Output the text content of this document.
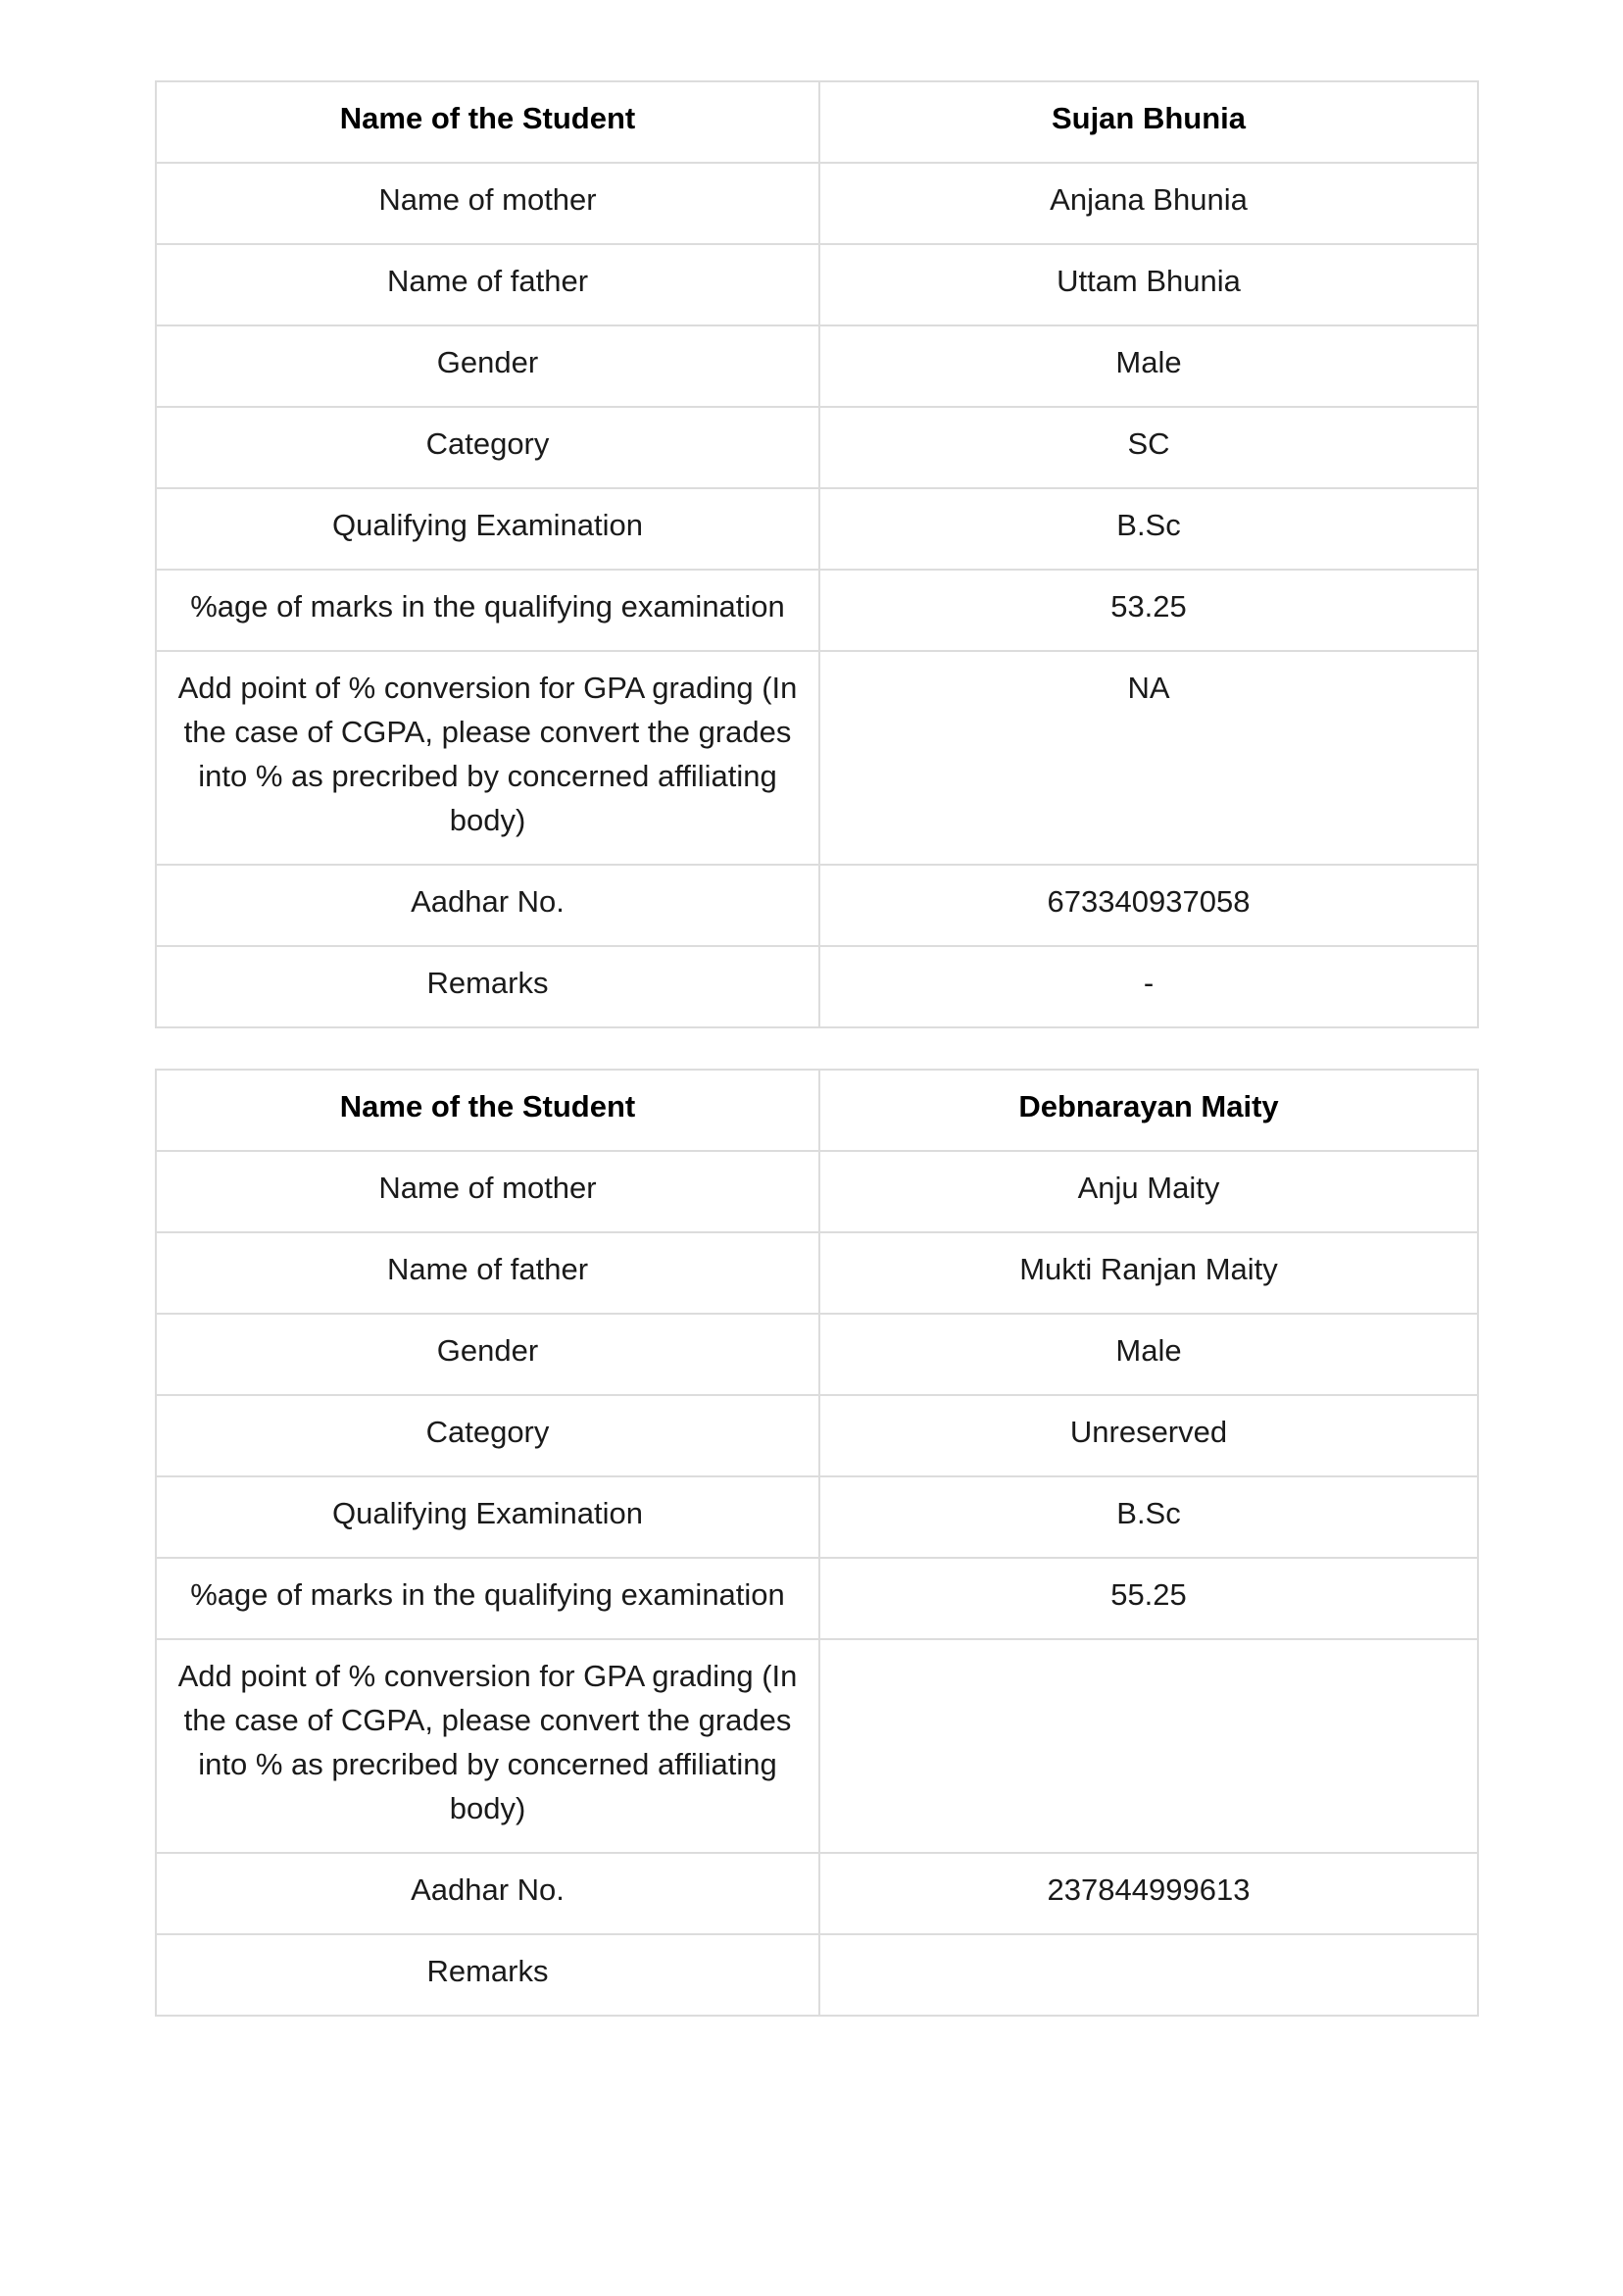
Name of the Student	Sujan Bhunia
Name of mother	Anjana Bhunia
Name of father	Uttam Bhunia
Gender	Male
Category	SC
Qualifying Examination	B.Sc
%age of marks in the qualifying examination	53.25
Add point of % conversion for GPA grading (In the case of CGPA, please convert the grades into % as precribed by concerned affiliating body)	NA
Aadhar No.	673340937058
Remarks	-
Name of the Student	Debnarayan Maity
Name of mother	Anju Maity
Name of father	Mukti Ranjan Maity
Gender	Male
Category	Unreserved
Qualifying Examination	B.Sc
%age of marks in the qualifying examination	55.25
Add point of % conversion for GPA grading (In the case of CGPA, please convert the grades into % as precribed by concerned affiliating body)	
Aadhar No.	237844999613
Remarks	
